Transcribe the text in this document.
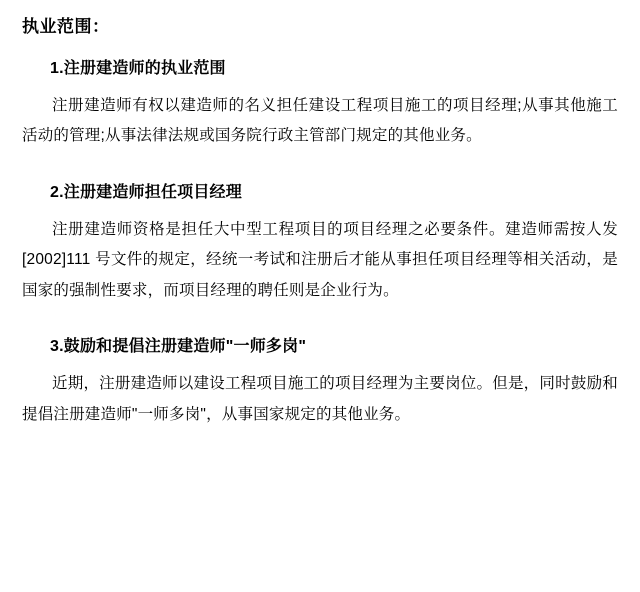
执业范围：
1.注册建造师的执业范围

注册建造师有权以建造师的名义担任建设工程项目施工的项目经理;从事其他施工活动的管理;从事法律法规或国务院行政主管部门规定的其他业务。

2.注册建造师担任项目经理

注册建造师资格是担任大中型工程项目的项目经理之必要条件。建造师需按人发[2002]111 号文件的规定，经统一考试和注册后才能从事担任项目经理等相关活动，是国家的强制性要求，而项目经理的聘任则是企业行为。

3.鼓励和提倡注册建造师"一师多岗"

近期，注册建造师以建设工程项目施工的项目经理为主要岗位。但是，同时鼓励和提倡注册建造师"一师多岗"，从事国家规定的其他业务。
